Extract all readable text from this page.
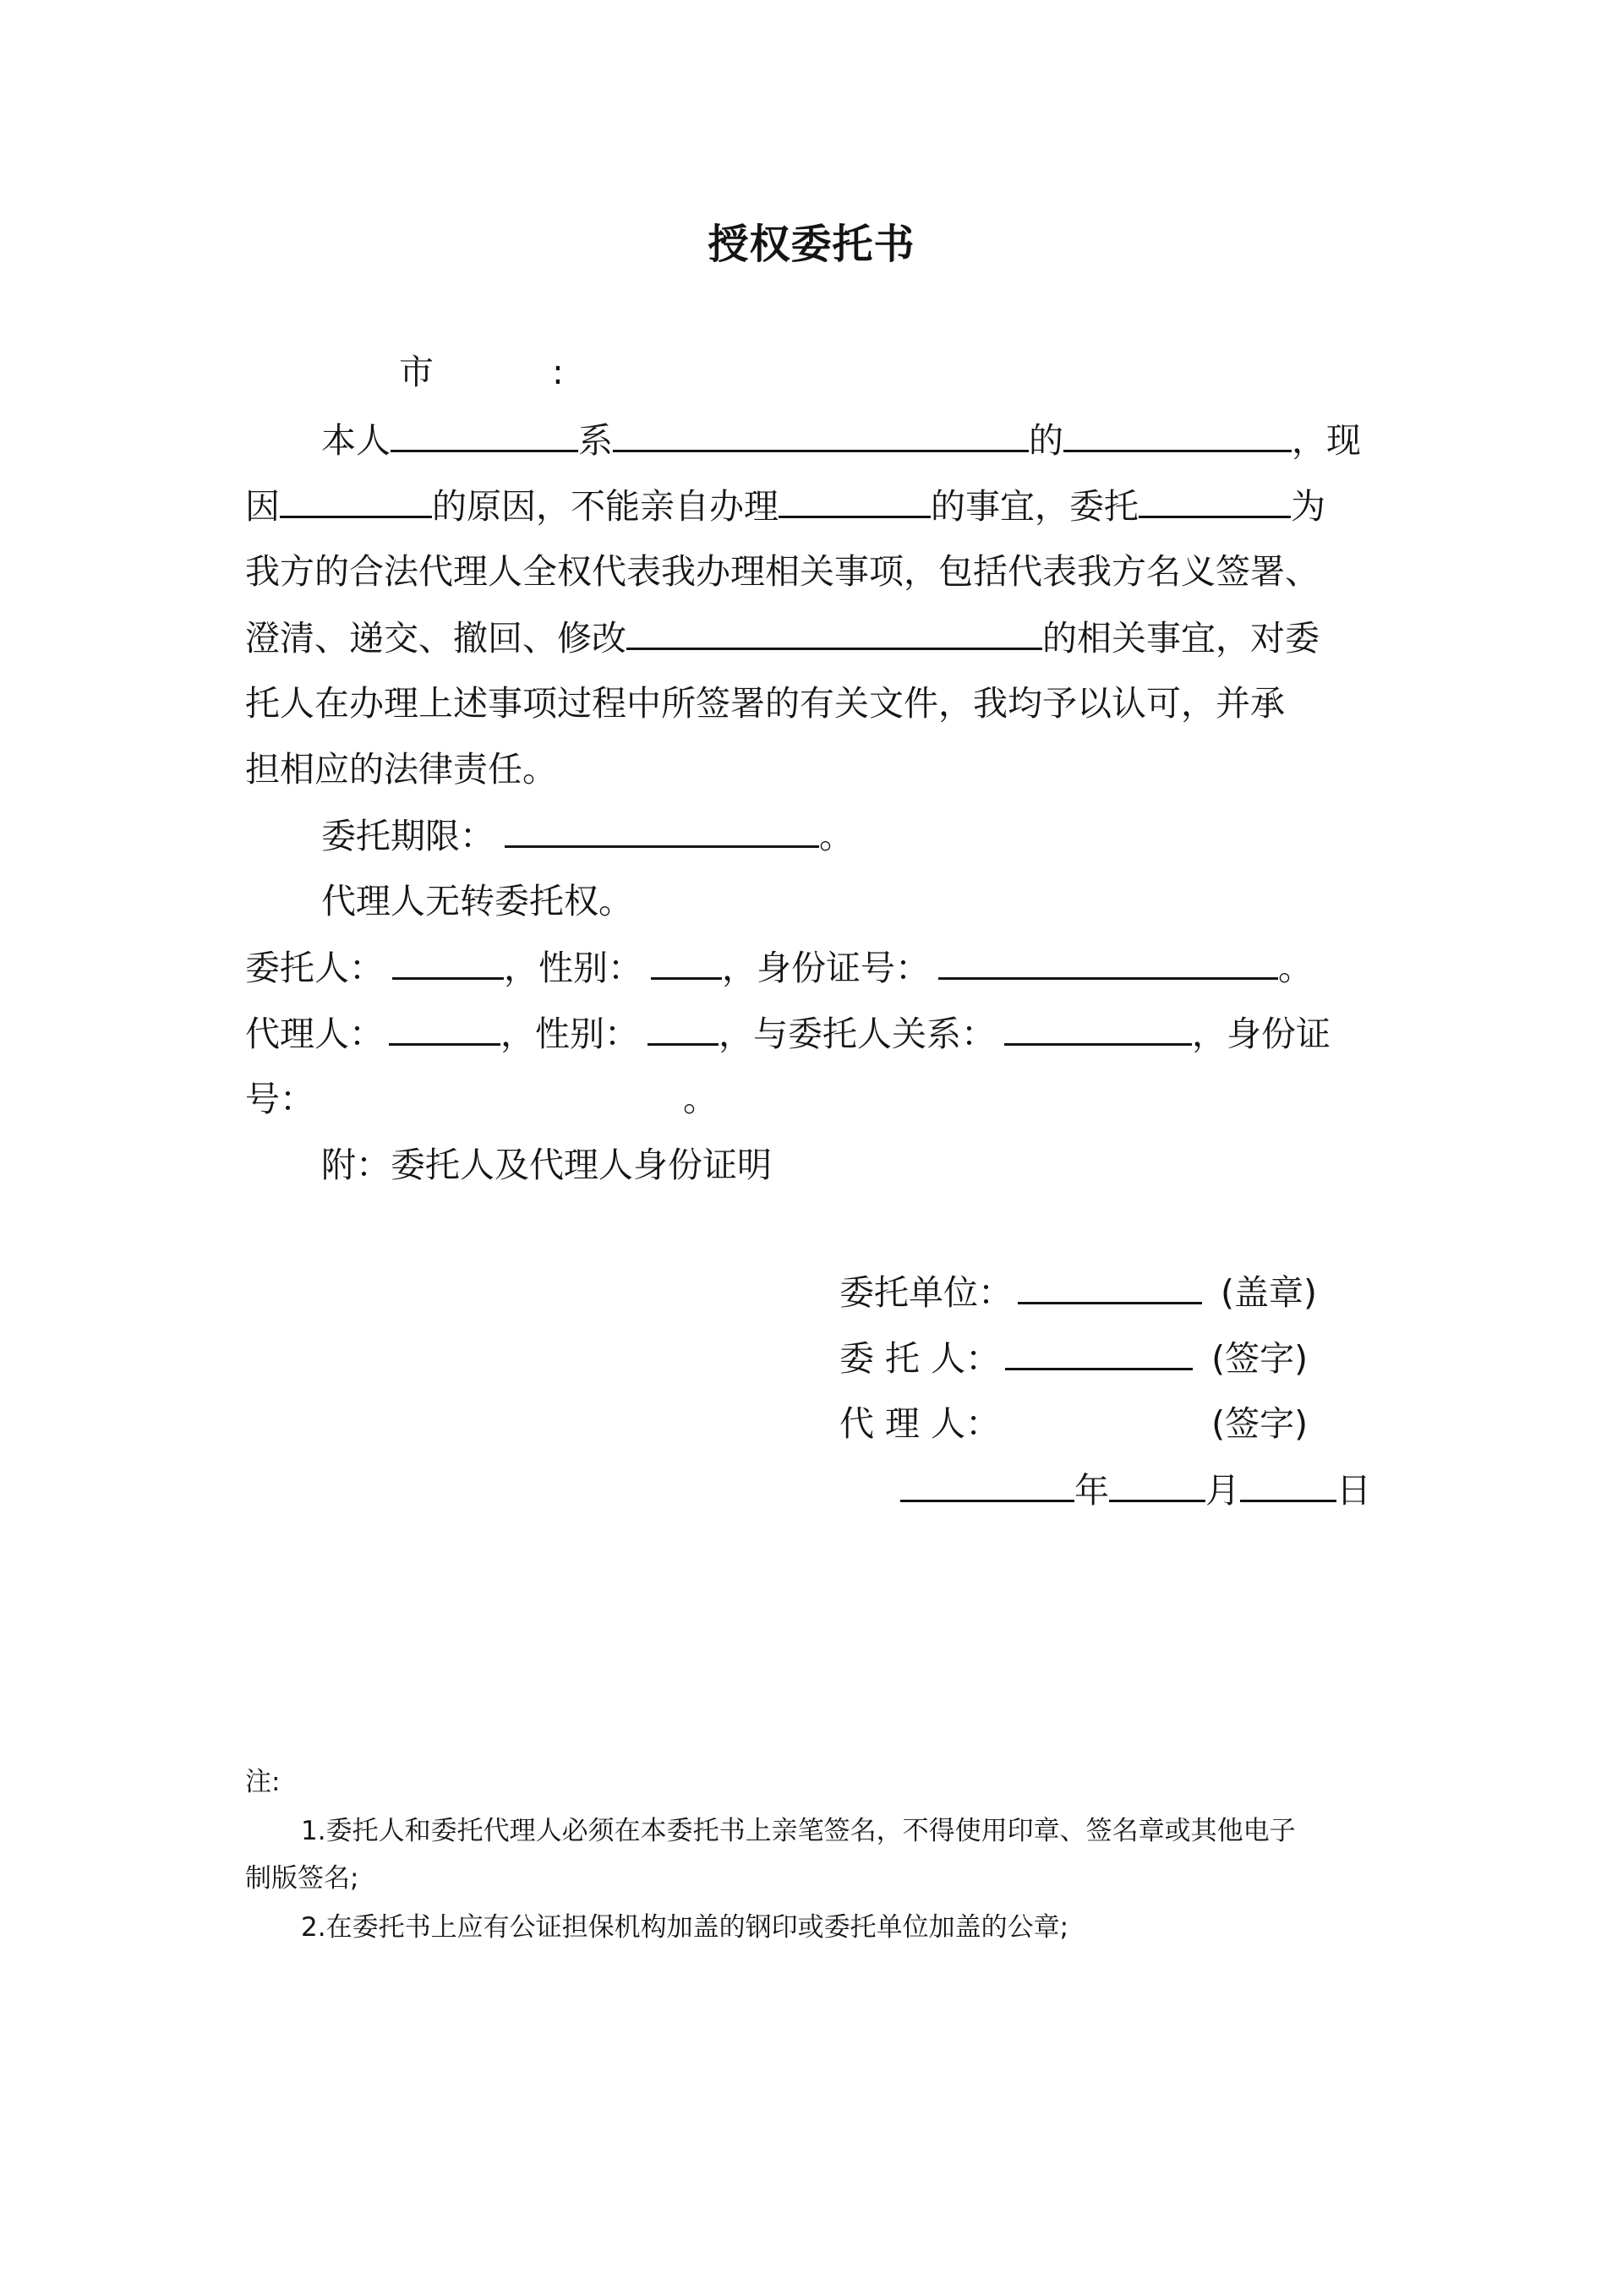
授权委托书
市	:
本人	系	的	，现
因	的原因，不能亲自办理	的事宜，委托	为
我方的合法代理人全权代表我办理相关事项，包括代表我方名义签署、
澄清、递交、撤回、修改	的相关事宜，对委
托人在办理上述事项过程中所签署的有关文件，我均予以认可，并承
担相应的法律责任。
委托期限：	。
代理人无转委托权。
委托人：	，性别： ，身份证号：	。
代理人：	，性别： ，与委托人关系：	，身份证
号：	。
附：委托人及代理人身份证明
委托单位：	(盖章)
委 托 人：	(签字)
代 理 人：	(签字)
年	月	日
注:
1.委托人和委托代理人必须在本委托书上亲笔签名，不得使用印章、签名章或其他电子
制版签名;
2.在委托书上应有公证担保机构加盖的钢印或委托单位加盖的公章;
